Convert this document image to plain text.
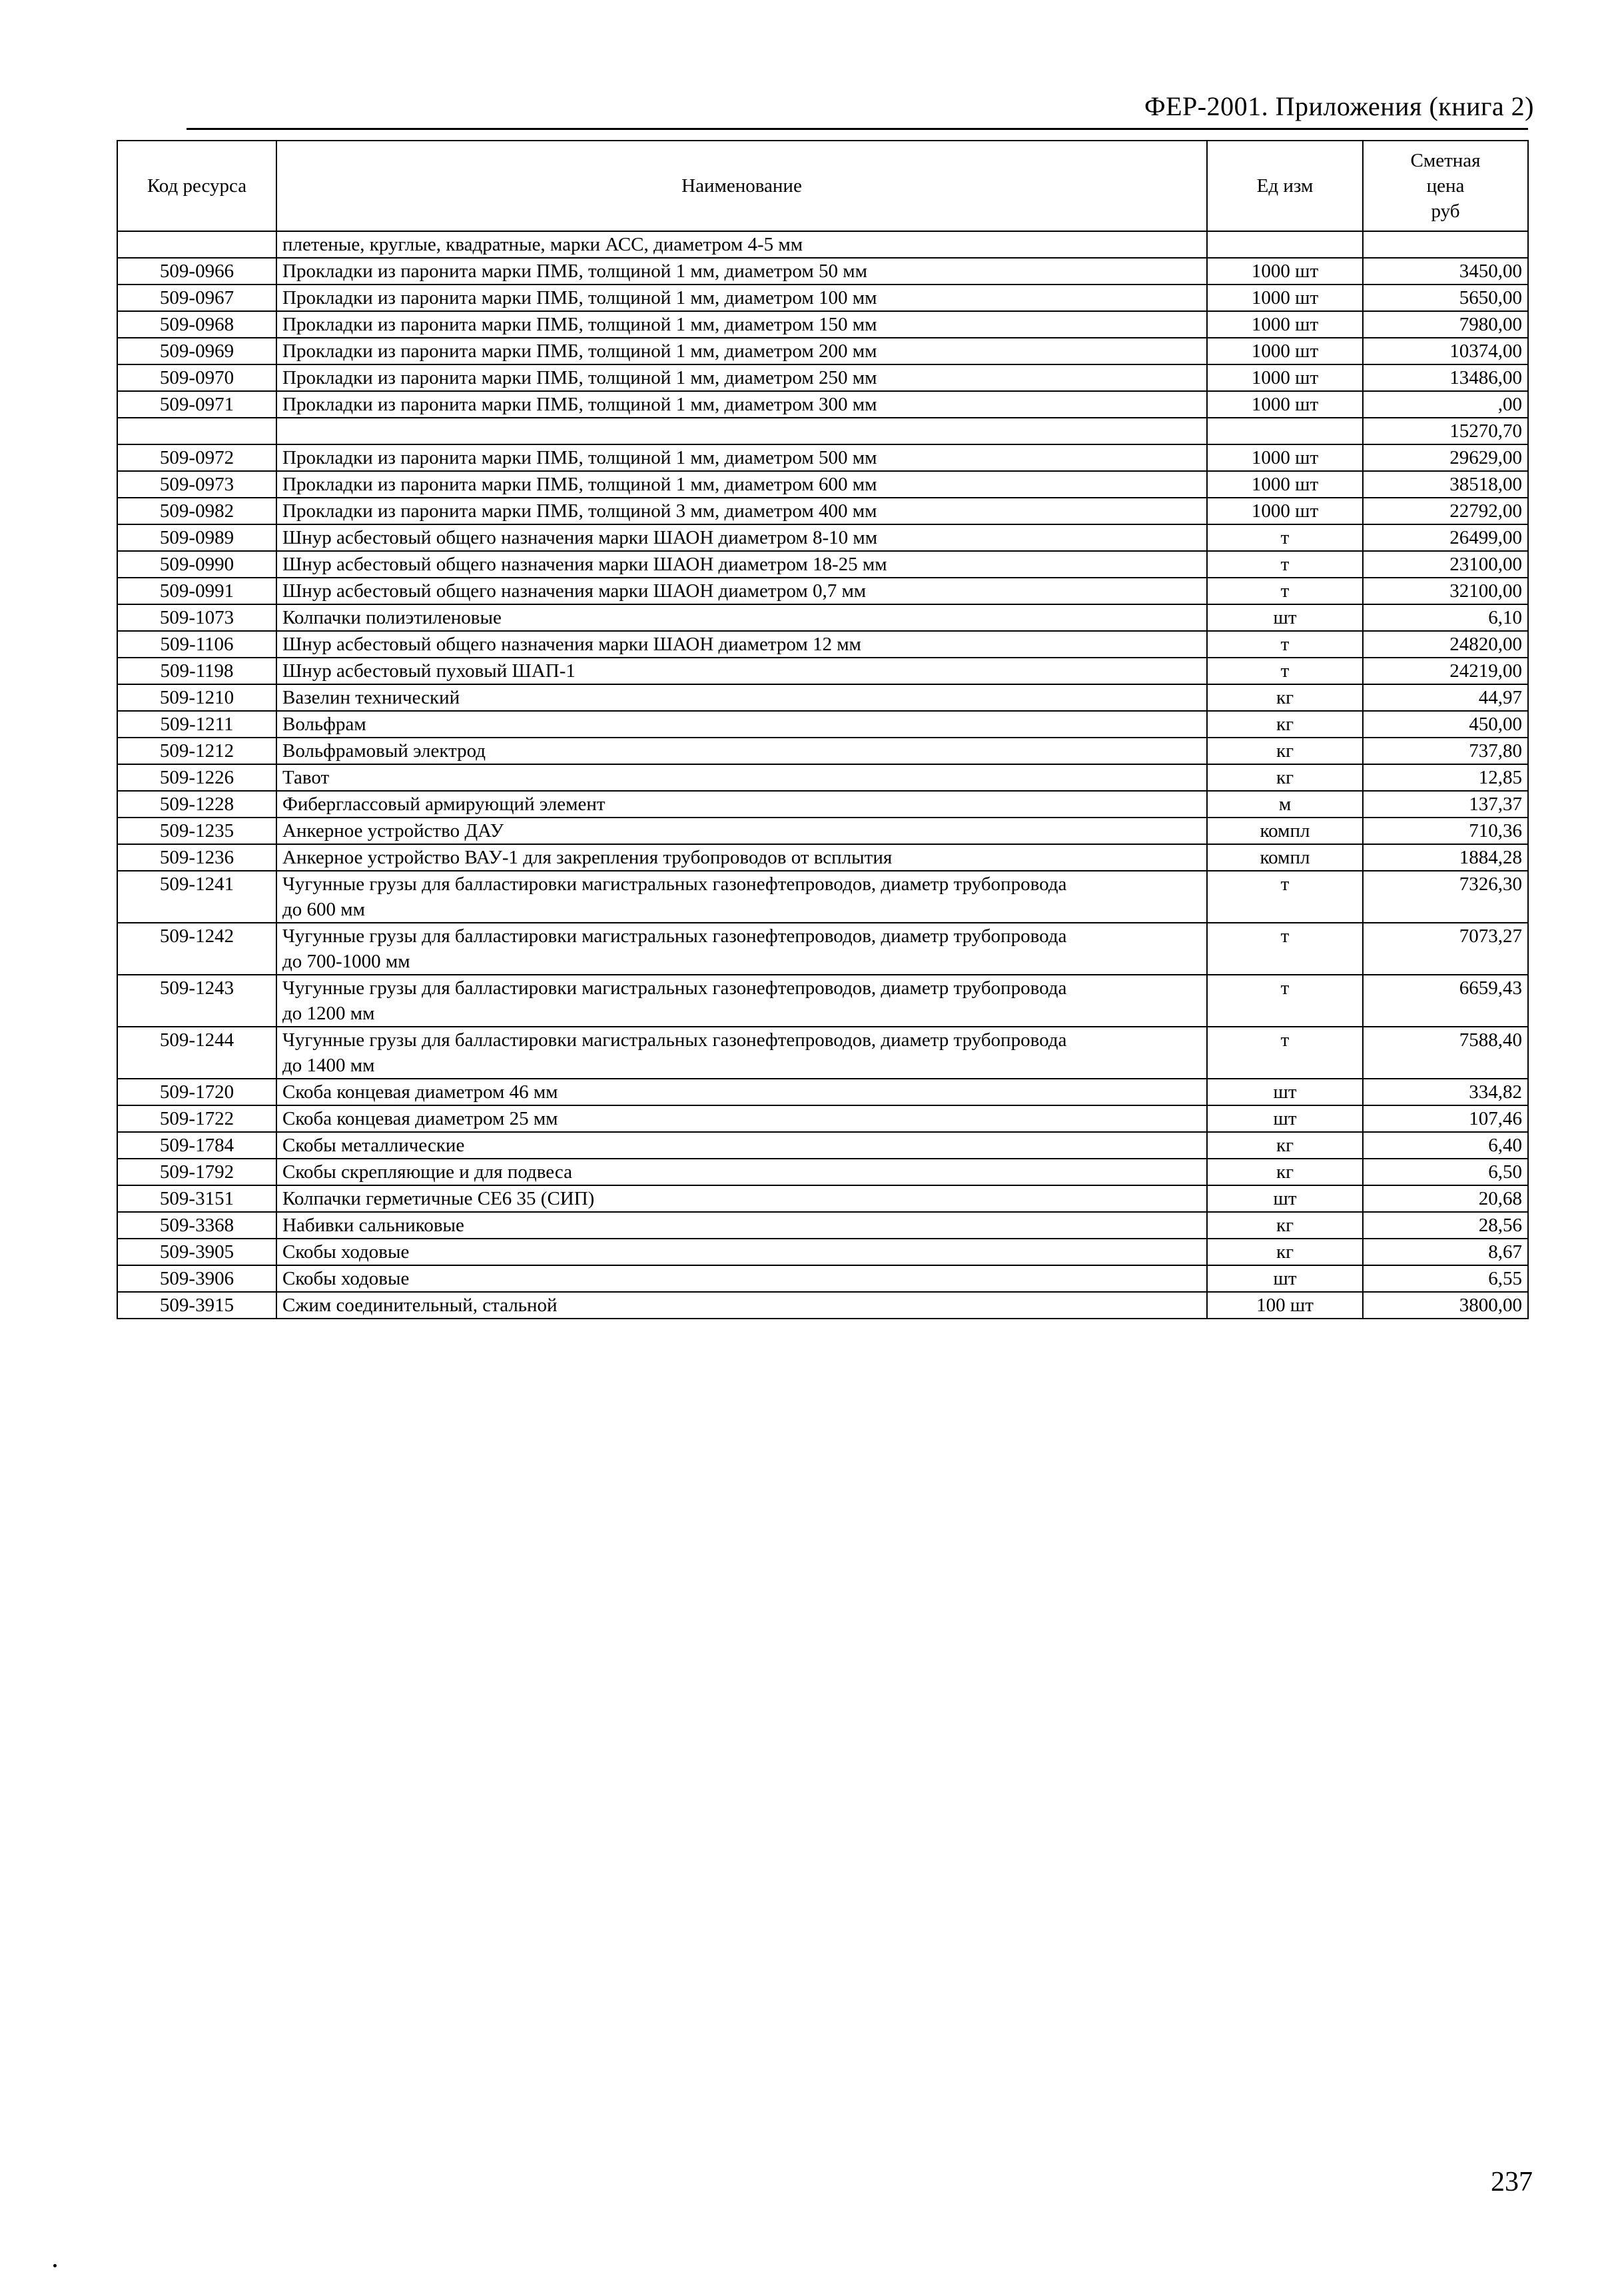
ФЕР-2001. Приложения (книга 2)
Код ресурса	Наименование	Ед изм	Сметная
цена
руб
	плетеные, круглые, квадратные, марки АСС, диаметром 4-5 мм		
509-0966	Прокладки из паронита марки ПМБ, толщиной 1 мм, диаметром 50 мм	1000 шт	3450,00
509-0967	Прокладки из паронита марки ПМБ, толщиной 1 мм, диаметром 100 мм	1000 шт	5650,00
509-0968	Прокладки из паронита марки ПМБ, толщиной 1 мм, диаметром 150 мм	1000 шт	7980,00
509-0969	Прокладки из паронита марки ПМБ, толщиной 1 мм, диаметром 200 мм	1000 шт	10374,00
509-0970	Прокладки из паронита марки ПМБ, толщиной 1 мм, диаметром 250 мм	1000 шт	13486,00
509-0971	Прокладки из паронита марки ПМБ, толщиной 1 мм, диаметром 300 мм	1000 шт	,00
			15270,70
509-0972	Прокладки из паронита марки ПМБ, толщиной 1 мм, диаметром 500 мм	1000 шт	29629,00
509-0973	Прокладки из паронита марки ПМБ, толщиной 1 мм, диаметром 600 мм	1000 шт	38518,00
509-0982	Прокладки из паронита марки ПМБ, толщиной 3 мм, диаметром 400 мм	1000 шт	22792,00
509-0989	Шнур асбестовый общего назначения марки ШАОН диаметром 8-10 мм	т	26499,00
509-0990	Шнур асбестовый общего назначения марки ШАОН диаметром 18-25 мм	т	23100,00
509-0991	Шнур асбестовый общего назначения марки ШАОН диаметром 0,7 мм	т	32100,00
509-1073	Колпачки полиэтиленовые	шт	6,10
509-1106	Шнур асбестовый общего назначения марки ШАОН диаметром 12 мм	т	24820,00
509-1198	Шнур асбестовый пуховый ШАП-1	т	24219,00
509-1210	Вазелин технический	кг	44,97
509-1211	Вольфрам	кг	450,00
509-1212	Вольфрамовый электрод	кг	737,80
509-1226	Тавот	кг	12,85
509-1228	Фиберглассовый армирующий элемент	м	137,37
509-1235	Анкерное устройство ДАУ	компл	710,36
509-1236	Анкерное устройство ВАУ-1 для закрепления трубопроводов от всплытия	компл	1884,28
509-1241	Чугунные грузы для балластировки магистральных газонефтепроводов, диаметр трубопровода
до 600 мм	т	7326,30
509-1242	Чугунные грузы для балластировки магистральных газонефтепроводов, диаметр трубопровода
до 700-1000 мм	т	7073,27
509-1243	Чугунные грузы для балластировки магистральных газонефтепроводов, диаметр трубопровода
до 1200 мм	т	6659,43
509-1244	Чугунные грузы для балластировки магистральных газонефтепроводов, диаметр трубопровода
до 1400 мм	т	7588,40
509-1720	Скоба концевая диаметром 46 мм	шт	334,82
509-1722	Скоба концевая диаметром 25 мм	шт	107,46
509-1784	Скобы металлические	кг	6,40
509-1792	Скобы скрепляющие и для подвеса	кг	6,50
509-3151	Колпачки герметичные СЕ6 35 (СИП)	шт	20,68
509-3368	Набивки сальниковые	кг	28,56
509-3905	Скобы ходовые	кг	8,67
509-3906	Скобы ходовые	шт	6,55
509-3915	Сжим соединительный, стальной	100 шт	3800,00
237
